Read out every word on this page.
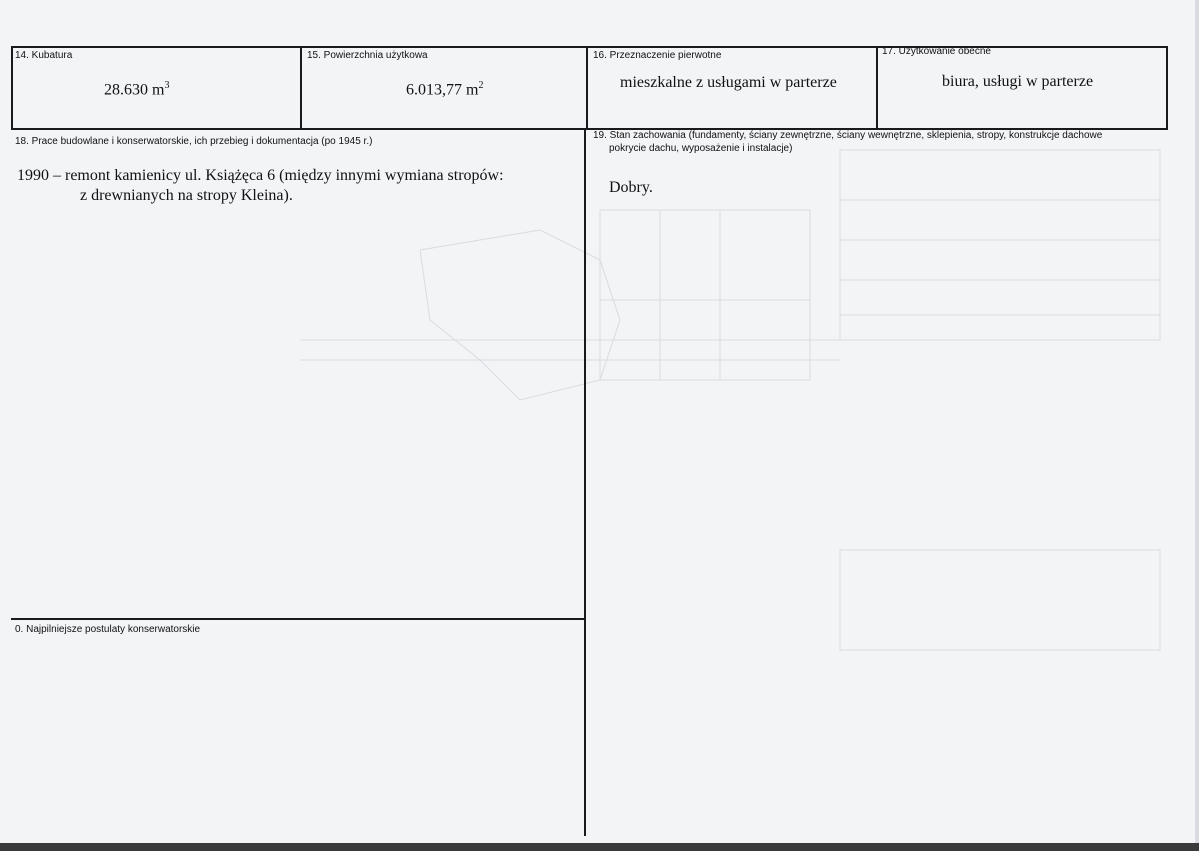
14. Kubatura
28.630 $m^3$
15. Powierzchnia użytkowa
6.013,77 $m^2$
16. Przeznaczenie pierwotne
mieszkalne z usługami w parterze
17. Użytkowanie obecne
biura, usługi w parterze
18. Prace budowlane i konserwatorskie, ich przebieg i dokumentacja (po 1945 r.)
1990 – remont kamienicy ul. Książęca 6 (między innymi wymiana stropów:
z drewnianych na stropy Kleina).
19. Stan zachowania (fundamenty, ściany zewnętrzne, ściany wewnętrzne, sklepienia, stropy, konstrukcje dachowe
pokrycie dachu, wyposażenie i instalacje)
Dobry.
0. Najpilniejsze postulaty konserwatorskie
